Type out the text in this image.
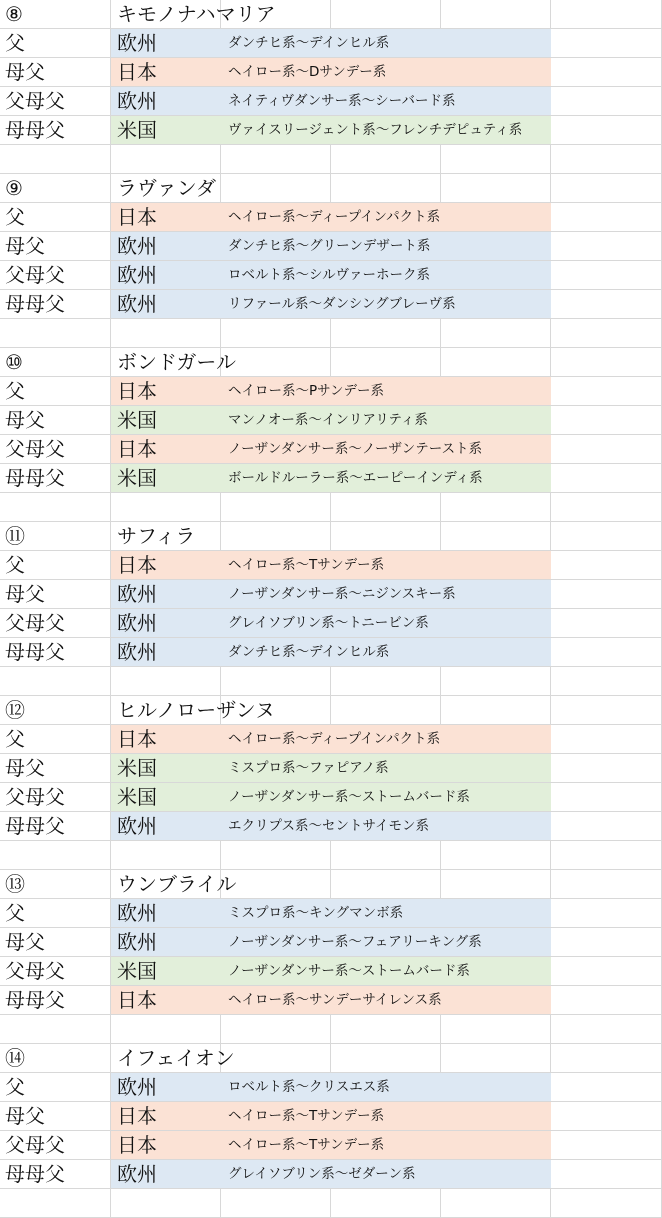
⑧	キモノナハマリア
父	欧州	ダンチヒ系～デインヒル系
母父	日本	ヘイロー系～Dサンデー系
父母父	欧州	ネイティヴダンサー系～シーバード系
母母父	米国	ヴァイスリージェント系～フレンチデピュティ系
⑨	ラヴァンダ
父	日本	ヘイロー系～ディープインパクト系
母父	欧州	ダンチヒ系～グリーンデザート系
父母父	欧州	ロベルト系～シルヴァーホーク系
母母父	欧州	リファール系～ダンシングブレーヴ系
⑩	ボンドガール
父	日本	ヘイロー系～Pサンデー系
母父	米国	マンノオー系～インリアリティ系
父母父	日本	ノーザンダンサー系～ノーザンテースト系
母母父	米国	ボールドルーラー系～エーピーインディ系
⑪	サフィラ
父	日本	ヘイロー系～Tサンデー系
母父	欧州	ノーザンダンサー系～ニジンスキー系
父母父	欧州	グレイソブリン系～トニービン系
母母父	欧州	ダンチヒ系～デインヒル系
⑫	ヒルノローザンヌ
父	日本	ヘイロー系～ディープインパクト系
母父	米国	ミスプロ系～ファピアノ系
父母父	米国	ノーザンダンサー系～ストームバード系
母母父	欧州	エクリプス系～セントサイモン系
⑬	ウンブライル
父	欧州	ミスプロ系～キングマンボ系
母父	欧州	ノーザンダンサー系～フェアリーキング系
父母父	米国	ノーザンダンサー系～ストームバード系
母母父	日本	ヘイロー系～サンデーサイレンス系
⑭	イフェイオン
父	欧州	ロベルト系～クリスエス系
母父	日本	ヘイロー系～Tサンデー系
父母父	日本	ヘイロー系～Tサンデー系
母母父	欧州	グレイソブリン系～ゼダーン系
